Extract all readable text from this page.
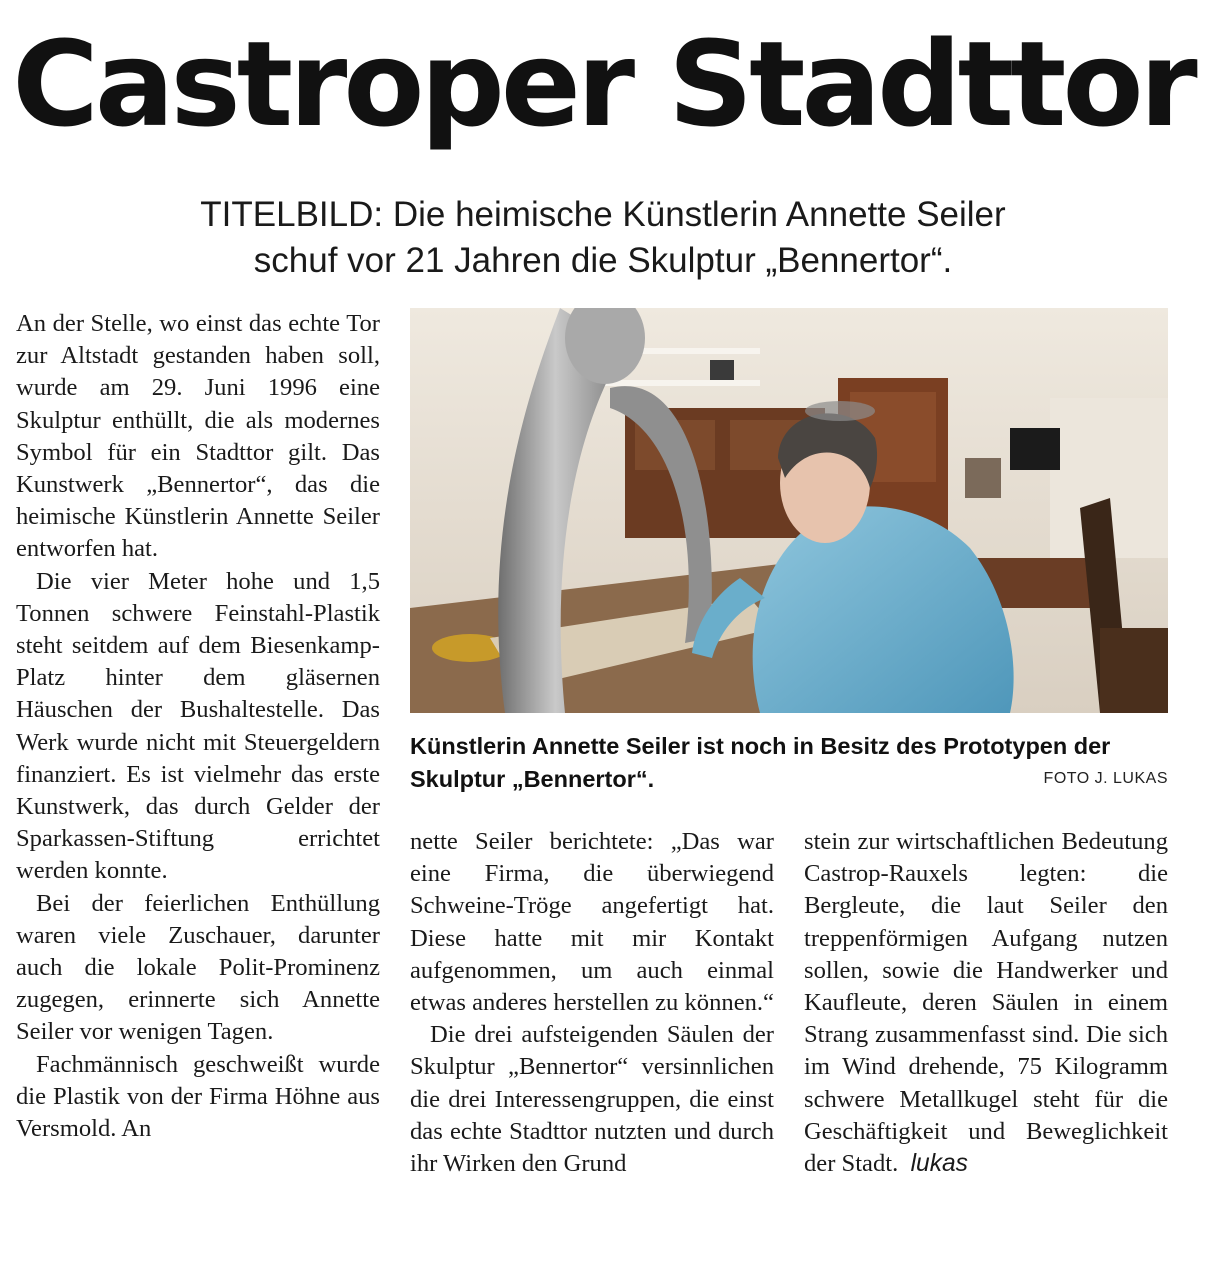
Castroper Stadttor
TITELBILD: Die heimische Künstlerin Annette Seiler
schuf vor 21 Jahren die Skulptur „Bennertor“.

An der Stelle, wo einst das echte Tor zur Altstadt gestanden haben soll, wurde am 29. Juni 1996 eine Skulptur enthüllt, die als modernes Symbol für ein Stadttor gilt. Das Kunstwerk „Bennertor“, das die heimische Künstlerin Annette Seiler entworfen hat.

Die vier Meter hohe und 1,5 Tonnen schwere Feinstahl-Plastik steht seitdem auf dem Biesenkamp-Platz hinter dem gläsernen Häuschen der Bushaltestelle. Das Werk wurde nicht mit Steuergeldern finanziert. Es ist vielmehr das erste Kunstwerk, das durch Gelder der Sparkassen-Stiftung errichtet werden konnte.

Bei der feierlichen Enthüllung waren viele Zuschauer, darunter auch die lokale Polit-Prominenz zugegen, erinnerte sich Annette Seiler vor wenigen Tagen.

Fachmännisch geschweißt wurde die Plastik von der Firma Höhne aus Versmold. An

Künstlerin Annette Seiler ist noch in Besitz des Prototypen der Skulptur „Bennertor“.	FOTO J. LUKAS

nette Seiler berichtete: „Das war eine Firma, die überwiegend Schweine-Tröge angefertigt hat. Diese hatte mit mir Kontakt aufgenommen, um auch einmal etwas anderes herstellen zu können.“

Die drei aufsteigenden Säulen der Skulptur „Bennertor“ versinnlichen die drei Interessengruppen, die einst das echte Stadttor nutzten und durch ihr Wirken den Grund

stein zur wirtschaftlichen Bedeutung Castrop-Rauxels legten: die Bergleute, die laut Seiler den treppenförmigen Aufgang nutzen sollen, sowie die Handwerker und Kaufleute, deren Säulen in einem Strang zusammenfasst sind. Die sich im Wind drehende, 75 Kilogramm schwere Metallkugel steht für die Geschäftigkeit und Beweglichkeit der Stadt. lukas
